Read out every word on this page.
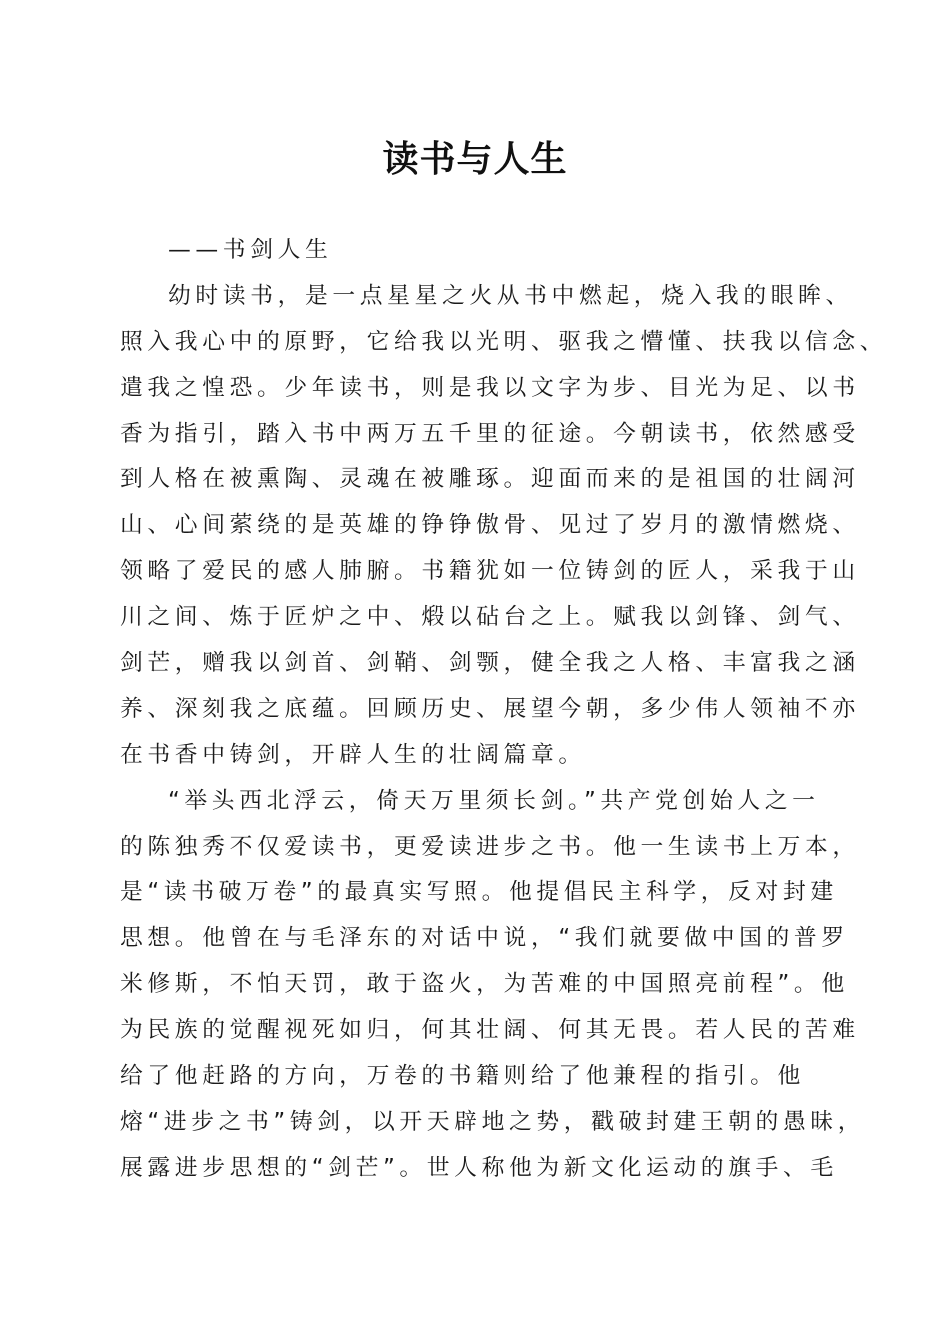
读书与人生
——书剑人生
幼时读书，是一点星星之火从书中燃起，烧入我的眼眸、
照入我心中的原野，它给我以光明、驱我之懵懂、扶我以信念、
遣我之惶恐。少年读书，则是我以文字为步、目光为足、以书
香为指引，踏入书中两万五千里的征途。今朝读书，依然感受
到人格在被熏陶、灵魂在被雕琢。迎面而来的是祖国的壮阔河
山、心间萦绕的是英雄的铮铮傲骨、见过了岁月的激情燃烧、
领略了爱民的感人肺腑。书籍犹如一位铸剑的匠人，采我于山
川之间、炼于匠炉之中、煅以砧台之上。赋我以剑锋、剑气、
剑芒，赠我以剑首、剑鞘、剑颚，健全我之人格、丰富我之涵
养、深刻我之底蕴。回顾历史、展望今朝，多少伟人领袖不亦
在书香中铸剑，开辟人生的壮阔篇章。
“举头西北浮云，倚天万里须长剑。”共产党创始人之一
的陈独秀不仅爱读书，更爱读进步之书。他一生读书上万本，
是“读书破万卷”的最真实写照。他提倡民主科学，反对封建
思想。他曾在与毛泽东的对话中说，“我们就要做中国的普罗
米修斯，不怕天罚，敢于盗火，为苦难的中国照亮前程”。他
为民族的觉醒视死如归，何其壮阔、何其无畏。若人民的苦难
给了他赶路的方向，万卷的书籍则给了他兼程的指引。他
熔“进步之书”铸剑，以开天辟地之势，戳破封建王朝的愚昧，
展露进步思想的“剑芒”。世人称他为新文化运动的旗手、毛
